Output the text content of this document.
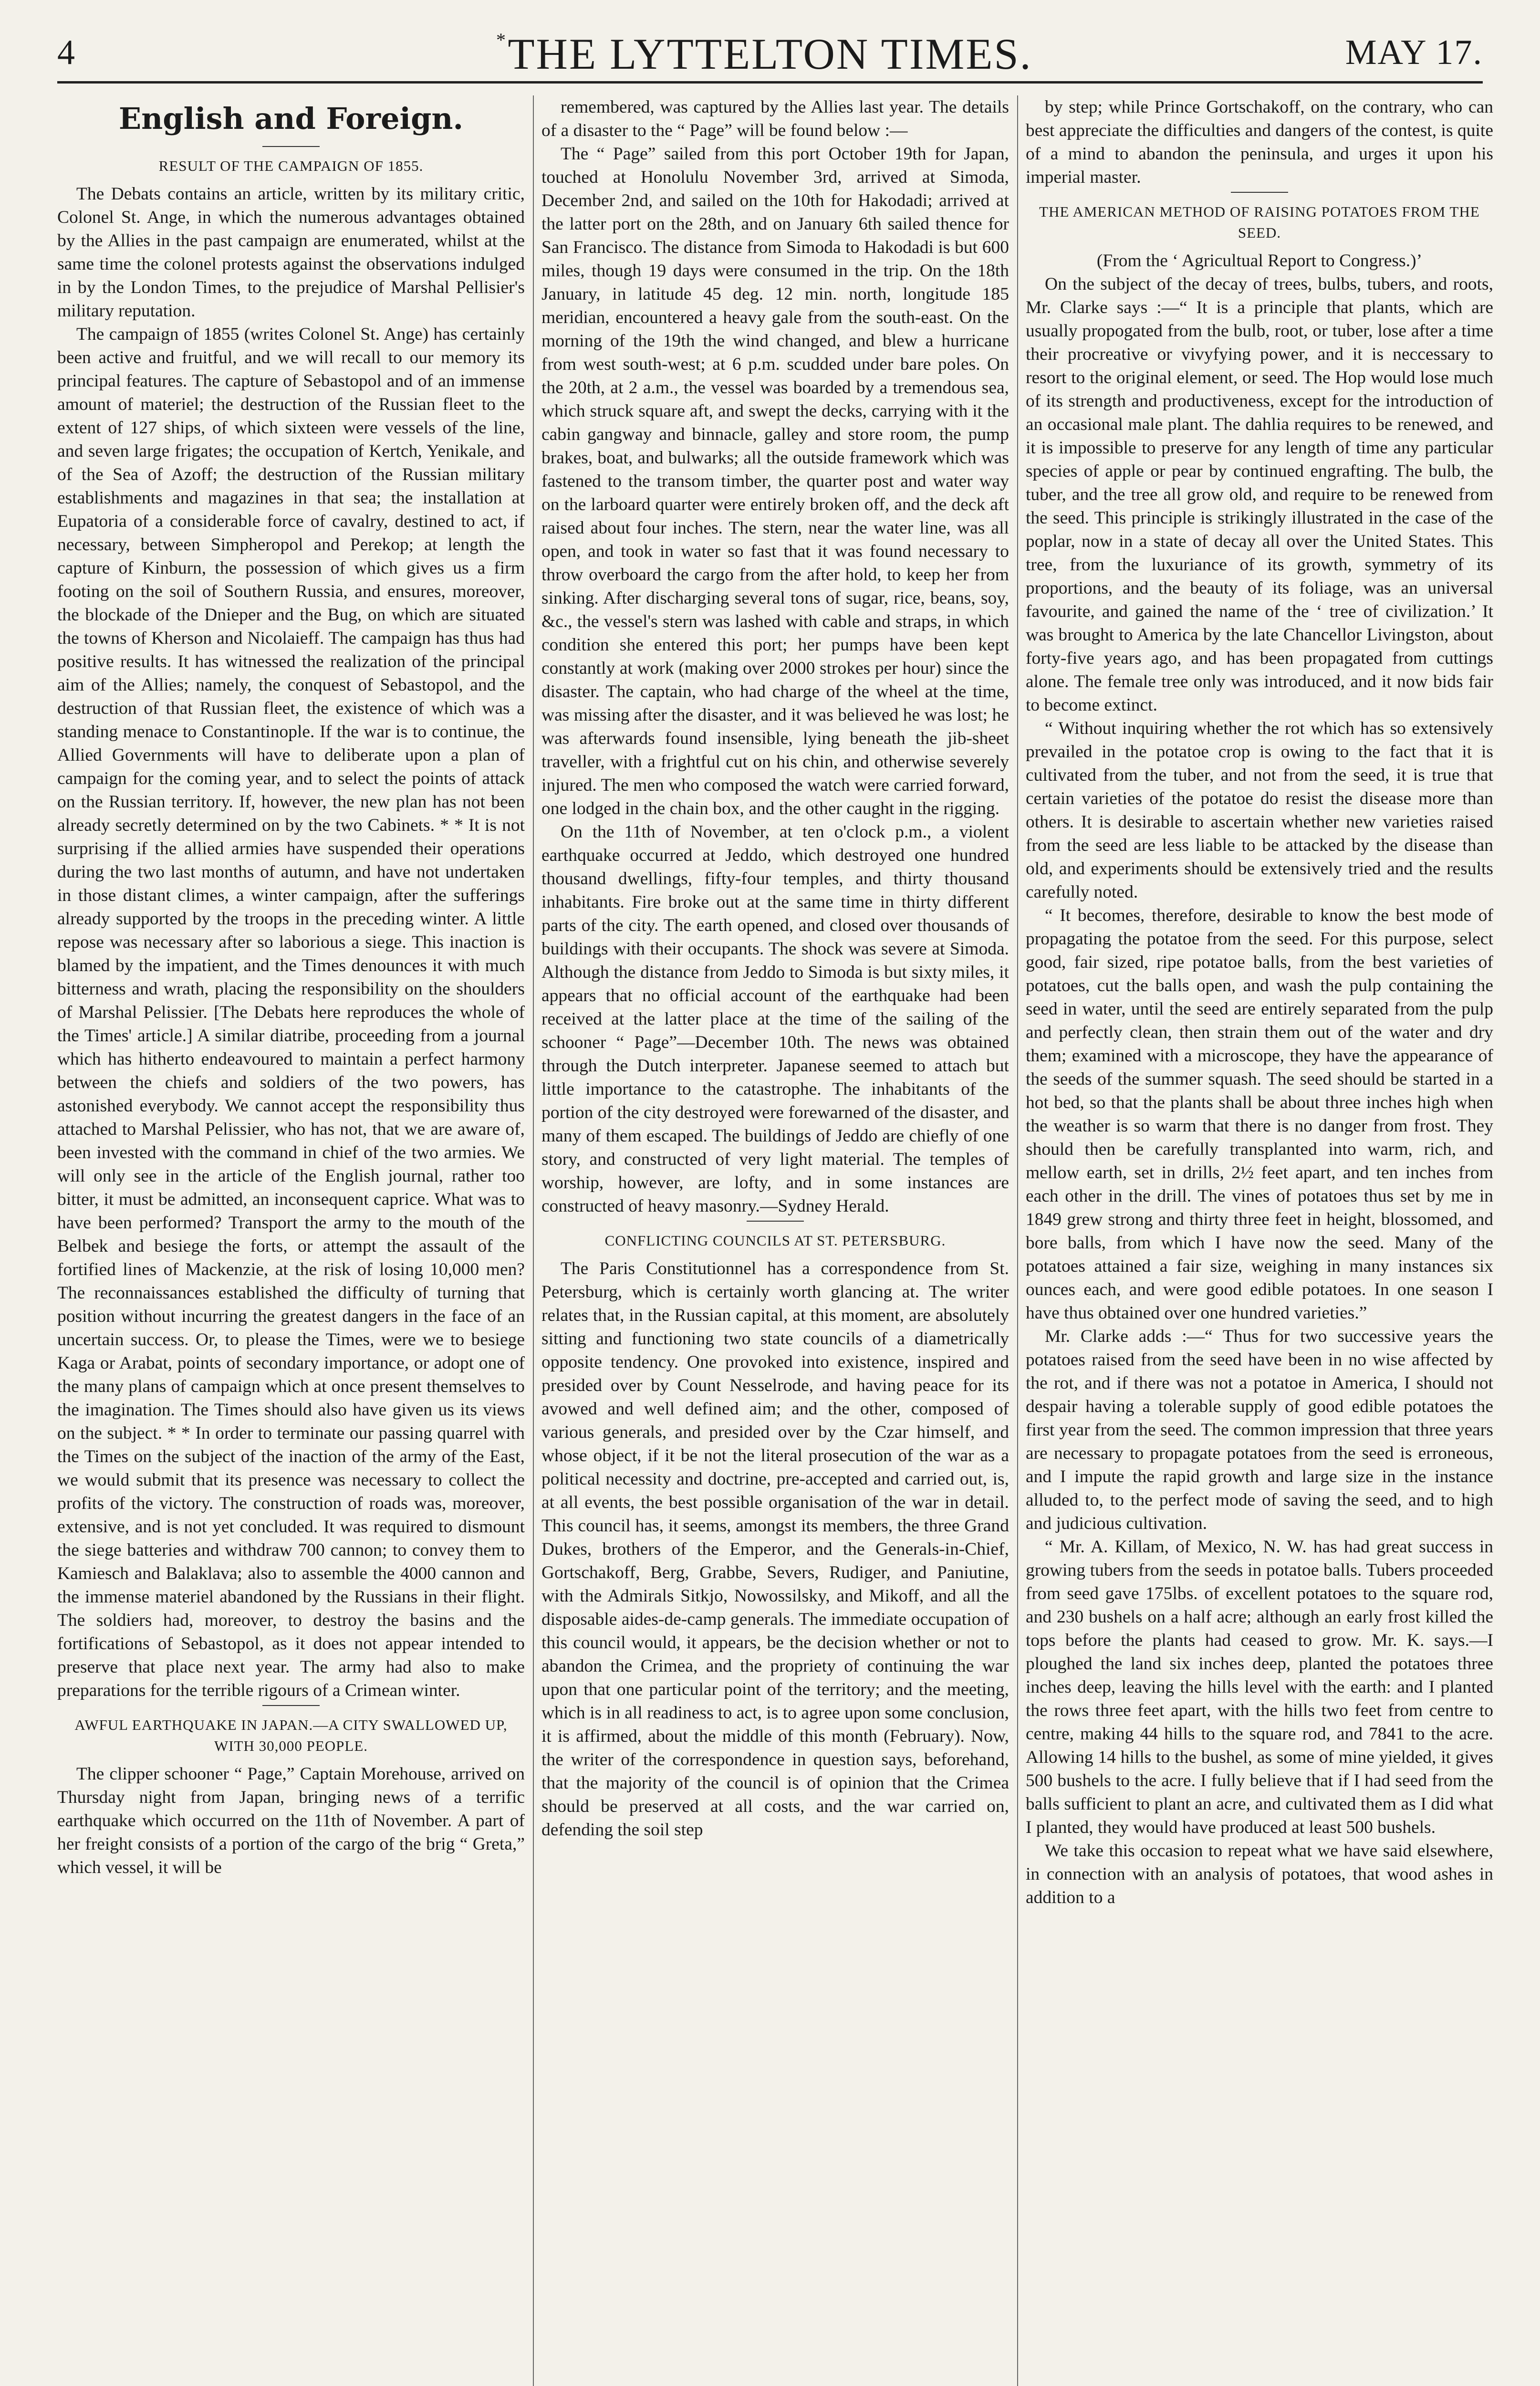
4	* THE LYTTELTON TIMES.	MAY 17.
English and Foreign.
RESULT OF THE CAMPAIGN OF 1855.

The Debats contains an article, written by its military critic, Colonel St. Ange, in which the numerous advantages obtained by the Allies in the past campaign are enumerated, whilst at the same time the colonel protests against the observations indulged in by the London Times, to the prejudice of Marshal Pellisier's military reputation.

The campaign of 1855 (writes Colonel St. Ange) has certainly been active and fruitful, and we will recall to our memory its principal features. The capture of Sebastopol and of an immense amount of materiel; the destruction of the Russian fleet to the extent of 127 ships, of which sixteen were vessels of the line, and seven large frigates; the occupation of Kertch, Yenikale, and of the Sea of Azoff; the destruction of the Russian military establishments and magazines in that sea; the installation at Eupatoria of a considerable force of cavalry, destined to act, if necessary, between Simpheropol and Perekop; at length the capture of Kinburn, the possession of which gives us a firm footing on the soil of Southern Russia, and ensures, moreover, the blockade of the Dnieper and the Bug, on which are situated the towns of Kherson and Nicolaieff. The campaign has thus had positive results. It has witnessed the realization of the principal aim of the Allies; namely, the conquest of Sebastopol, and the destruction of that Russian fleet, the existence of which was a standing menace to Constantinople. If the war is to continue, the Allied Governments will have to deliberate upon a plan of campaign for the coming year, and to select the points of attack on the Russian territory. If, however, the new plan has not been already secretly determined on by the two Cabinets. * * It is not surprising if the allied armies have suspended their operations during the two last months of autumn, and have not undertaken in those distant climes, a winter campaign, after the sufferings already supported by the troops in the preceding winter. A little repose was necessary after so laborious a siege. This inaction is blamed by the impatient, and the Times denounces it with much bitterness and wrath, placing the responsibility on the shoulders of Marshal Pelissier. [The Debats here reproduces the whole of the Times' article.] A similar diatribe, proceeding from a journal which has hitherto endeavoured to maintain a perfect harmony between the chiefs and soldiers of the two powers, has astonished everybody. We cannot accept the responsibility thus attached to Marshal Pelissier, who has not, that we are aware of, been invested with the command in chief of the two armies. We will only see in the article of the English journal, rather too bitter, it must be admitted, an inconsequent caprice. What was to have been performed? Transport the army to the mouth of the Belbek and besiege the forts, or attempt the assault of the fortified lines of Mackenzie, at the risk of losing 10,000 men? The reconnaissances established the difficulty of turning that position without incurring the greatest dangers in the face of an uncertain success. Or, to please the Times, were we to besiege Kaga or Arabat, points of secondary importance, or adopt one of the many plans of campaign which at once present themselves to the imagination. The Times should also have given us its views on the subject. * * In order to terminate our passing quarrel with the Times on the subject of the inaction of the army of the East, we would submit that its presence was necessary to collect the profits of the victory. The construction of roads was, moreover, extensive, and is not yet concluded. It was required to dismount the siege batteries and withdraw 700 cannon; to convey them to Kamiesch and Balaklava; also to assemble the 4000 cannon and the immense materiel abandoned by the Russians in their flight. The soldiers had, moreover, to destroy the basins and the fortifications of Sebastopol, as it does not appear intended to preserve that place next year. The army had also to make preparations for the terrible rigours of a Crimean winter.

AWFUL EARTHQUAKE IN JAPAN.—A CITY SWALLOWED UP, WITH 30,000 PEOPLE.

The clipper schooner “ Page,” Captain Morehouse, arrived on Thursday night from Japan, bringing news of a terrific earthquake which occurred on the 11th of November. A part of her freight consists of a portion of the cargo of the brig “ Greta,” which vessel, it will be

remembered, was captured by the Allies last year. The details of a disaster to the “ Page” will be found below :—

The “ Page” sailed from this port October 19th for Japan, touched at Honolulu November 3rd, arrived at Simoda, December 2nd, and sailed on the 10th for Hakodadi; arrived at the latter port on the 28th, and on January 6th sailed thence for San Francisco. The distance from Simoda to Hakodadi is but 600 miles, though 19 days were consumed in the trip. On the 18th January, in latitude 45 deg. 12 min. north, longitude 185 meridian, encountered a heavy gale from the south-east. On the morning of the 19th the wind changed, and blew a hurricane from west south-west; at 6 p.m. scudded under bare poles. On the 20th, at 2 a.m., the vessel was boarded by a tremendous sea, which struck square aft, and swept the decks, carrying with it the cabin gangway and binnacle, galley and store room, the pump brakes, boat, and bulwarks; all the outside framework which was fastened to the transom timber, the quarter post and water way on the larboard quarter were entirely broken off, and the deck aft raised about four inches. The stern, near the water line, was all open, and took in water so fast that it was found necessary to throw overboard the cargo from the after hold, to keep her from sinking. After discharging several tons of sugar, rice, beans, soy, &c., the vessel's stern was lashed with cable and straps, in which condition she entered this port; her pumps have been kept constantly at work (making over 2000 strokes per hour) since the disaster. The captain, who had charge of the wheel at the time, was missing after the disaster, and it was believed he was lost; he was afterwards found insensible, lying beneath the jib-sheet traveller, with a frightful cut on his chin, and otherwise severely injured. The men who composed the watch were carried forward, one lodged in the chain box, and the other caught in the rigging.

On the 11th of November, at ten o'clock p.m., a violent earthquake occurred at Jeddo, which destroyed one hundred thousand dwellings, fifty-four temples, and thirty thousand inhabitants. Fire broke out at the same time in thirty different parts of the city. The earth opened, and closed over thousands of buildings with their occupants. The shock was severe at Simoda. Although the distance from Jeddo to Simoda is but sixty miles, it appears that no official account of the earthquake had been received at the latter place at the time of the sailing of the schooner “ Page”—December 10th. The news was obtained through the Dutch interpreter. Japanese seemed to attach but little importance to the catastrophe. The inhabitants of the portion of the city destroyed were forewarned of the disaster, and many of them escaped. The buildings of Jeddo are chiefly of one story, and constructed of very light material. The temples of worship, however, are lofty, and in some instances are constructed of heavy masonry.—Sydney Herald.

CONFLICTING COUNCILS AT ST. PETERSBURG.

The Paris Constitutionnel has a correspondence from St. Petersburg, which is certainly worth glancing at. The writer relates that, in the Russian capital, at this moment, are absolutely sitting and functioning two state councils of a diametrically opposite tendency. One provoked into existence, inspired and presided over by Count Nesselrode, and having peace for its avowed and well defined aim; and the other, composed of various generals, and presided over by the Czar himself, and whose object, if it be not the literal prosecution of the war as a political necessity and doctrine, pre-accepted and carried out, is, at all events, the best possible organisation of the war in detail. This council has, it seems, amongst its members, the three Grand Dukes, brothers of the Emperor, and the Generals-in-Chief, Gortschakoff, Berg, Grabbe, Severs, Rudiger, and Paniutine, with the Admirals Sitkjo, Nowossilsky, and Mikoff, and all the disposable aides-de-camp generals. The immediate occupation of this council would, it appears, be the decision whether or not to abandon the Crimea, and the propriety of continuing the war upon that one particular point of the territory; and the meeting, which is in all readiness to act, is to agree upon some conclusion, it is affirmed, about the middle of this month (February). Now, the writer of the correspondence in question says, beforehand, that the majority of the council is of opinion that the Crimea should be preserved at all costs, and the war carried on, defending the soil step

by step; while Prince Gortschakoff, on the contrary, who can best appreciate the difficulties and dangers of the contest, is quite of a mind to abandon the peninsula, and urges it upon his imperial master.

THE AMERICAN METHOD OF RAISING POTATOES FROM THE SEED.

(From the ‘ Agricultual Report to Congress.)’

On the subject of the decay of trees, bulbs, tubers, and roots, Mr. Clarke says :—“ It is a principle that plants, which are usually propogated from the bulb, root, or tuber, lose after a time their procreative or vivyfying power, and it is neccessary to resort to the original element, or seed. The Hop would lose much of its strength and productiveness, except for the introduction of an occasional male plant. The dahlia requires to be renewed, and it is impossible to preserve for any length of time any particular species of apple or pear by continued engrafting. The bulb, the tuber, and the tree all grow old, and require to be renewed from the seed. This principle is strikingly illustrated in the case of the poplar, now in a state of decay all over the United States. This tree, from the luxuriance of its growth, symmetry of its proportions, and the beauty of its foliage, was an universal favourite, and gained the name of the ‘ tree of civilization.’ It was brought to America by the late Chancellor Livingston, about forty-five years ago, and has been propagated from cuttings alone. The female tree only was introduced, and it now bids fair to become extinct.

“ Without inquiring whether the rot which has so extensively prevailed in the potatoe crop is owing to the fact that it is cultivated from the tuber, and not from the seed, it is true that certain varieties of the potatoe do resist the disease more than others. It is desirable to ascertain whether new varieties raised from the seed are less liable to be attacked by the disease than old, and experiments should be extensively tried and the results carefully noted.

“ It becomes, therefore, desirable to know the best mode of propagating the potatoe from the seed. For this purpose, select good, fair sized, ripe potatoe balls, from the best varieties of potatoes, cut the balls open, and wash the pulp containing the seed in water, until the seed are entirely separated from the pulp and perfectly clean, then strain them out of the water and dry them; examined with a microscope, they have the appearance of the seeds of the summer squash. The seed should be started in a hot bed, so that the plants shall be about three inches high when the weather is so warm that there is no danger from frost. They should then be carefully transplanted into warm, rich, and mellow earth, set in drills, 2½ feet apart, and ten inches from each other in the drill. The vines of potatoes thus set by me in 1849 grew strong and thirty three feet in height, blossomed, and bore balls, from which I have now the seed. Many of the potatoes attained a fair size, weighing in many instances six ounces each, and were good edible potatoes. In one season I have thus obtained over one hundred varieties.”

Mr. Clarke adds :—“ Thus for two successive years the potatoes raised from the seed have been in no wise affected by the rot, and if there was not a potatoe in America, I should not despair having a tolerable supply of good edible potatoes the first year from the seed. The common impression that three years are necessary to propagate potatoes from the seed is erroneous, and I impute the rapid growth and large size in the instance alluded to, to the perfect mode of saving the seed, and to high and judicious cultivation.

“ Mr. A. Killam, of Mexico, N. W. has had great success in growing tubers from the seeds in potatoe balls. Tubers proceeded from seed gave 175lbs. of excellent potatoes to the square rod, and 230 bushels on a half acre; although an early frost killed the tops before the plants had ceased to grow. Mr. K. says.—I ploughed the land six inches deep, planted the potatoes three inches deep, leaving the hills level with the earth: and I planted the rows three feet apart, with the hills two feet from centre to centre, making 44 hills to the square rod, and 7841 to the acre. Allowing 14 hills to the bushel, as some of mine yielded, it gives 500 bushels to the acre. I fully believe that if I had seed from the balls sufficient to plant an acre, and cultivated them as I did what I planted, they would have produced at least 500 bushels.

We take this occasion to repeat what we have said elsewhere, in connection with an analysis of potatoes, that wood ashes in addition to a
